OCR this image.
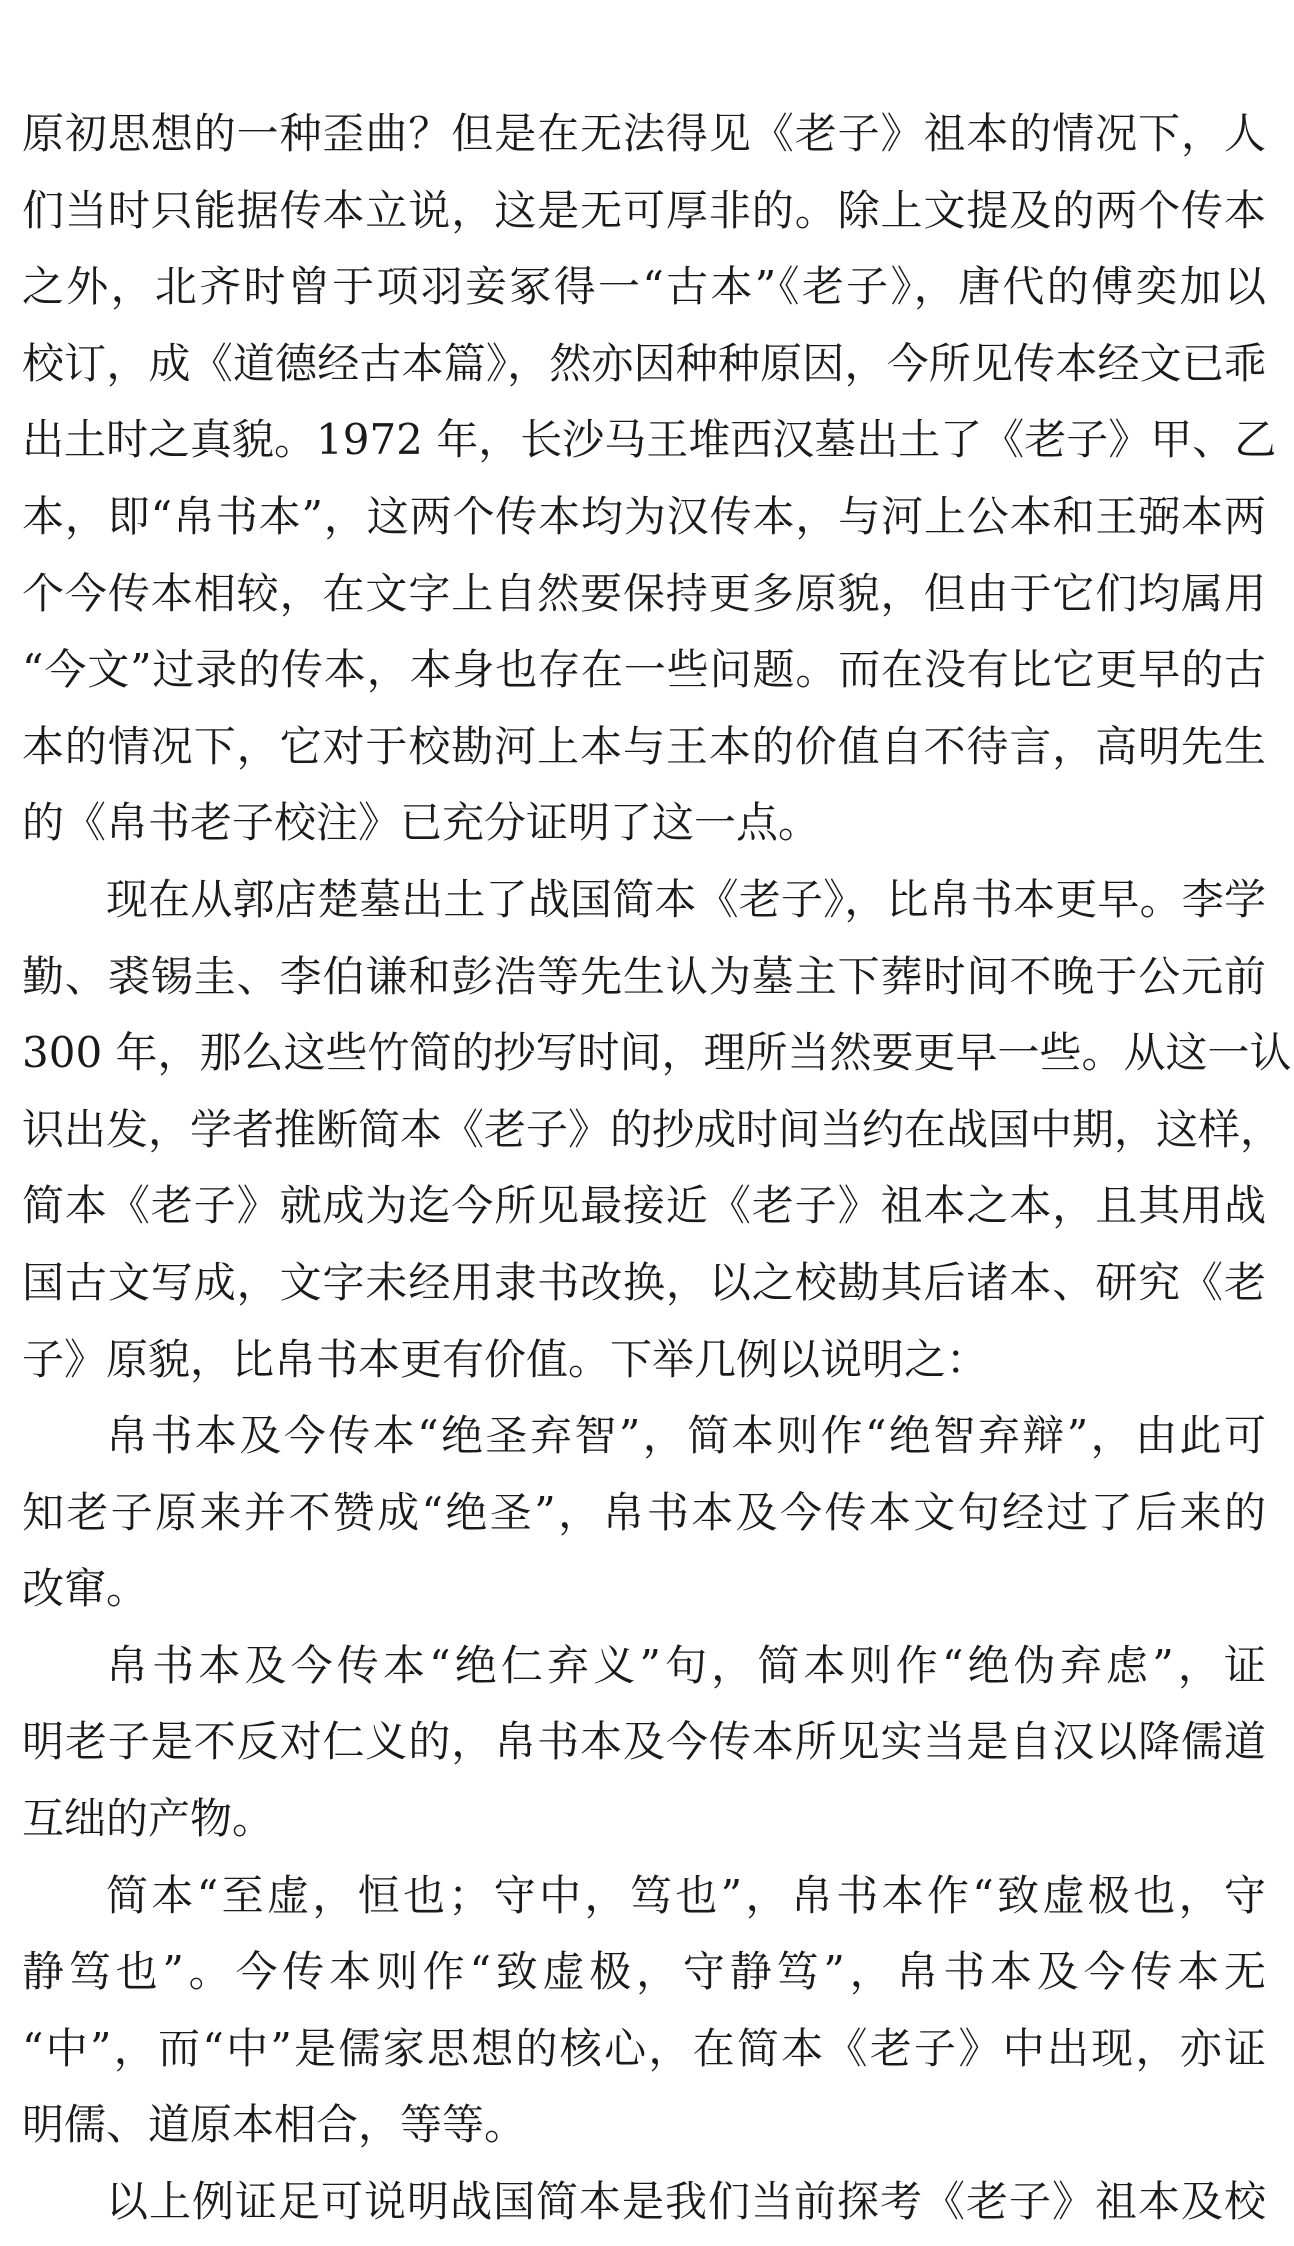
原初思想的一种歪曲？但是在无法得见《老子》祖本的情况下，人
们当时只能据传本立说，这是无可厚非的。除上文提及的两个传本
之外，北齐时曾于项羽妾冢得一“古本”《老子》，唐代的傅奕加以
校订，成《道德经古本篇》，然亦因种种原因，今所见传本经文已乖
出土时之真貌。1972 年，长沙马王堆西汉墓出土了《老子》甲、乙
本，即“帛书本”，这两个传本均为汉传本，与河上公本和王弼本两
个今传本相较，在文字上自然要保持更多原貌，但由于它们均属用
“今文”过录的传本，本身也存在一些问题。而在没有比它更早的古
本的情况下，它对于校勘河上本与王本的价值自不待言，高明先生
的《帛书老子校注》已充分证明了这一点。
现在从郭店楚墓出土了战国简本《老子》，比帛书本更早。李学
勤、裘锡圭、李伯谦和彭浩等先生认为墓主下葬时间不晚于公元前
300 年，那么这些竹简的抄写时间，理所当然要更早一些。从这一认
识出发，学者推断简本《老子》的抄成时间当约在战国中期，这样，
简本《老子》就成为迄今所见最接近《老子》祖本之本，且其用战
国古文写成，文字未经用隶书改换，以之校勘其后诸本、研究《老
子》原貌，比帛书本更有价值。下举几例以说明之：
帛书本及今传本“绝圣弃智”，简本则作“绝智弃辩”，由此可
知老子原来并不赞成“绝圣”，帛书本及今传本文句经过了后来的
改窜。
帛书本及今传本“绝仁弃义”句，简本则作“绝伪弃虑”，证
明老子是不反对仁义的，帛书本及今传本所见实当是自汉以降儒道
互绌的产物。
简本“至虚，恒也；守中，笃也”，帛书本作“致虚极也，守
静笃也”。今传本则作“致虚极，守静笃”，帛书本及今传本无
“中”，而“中”是儒家思想的核心，在简本《老子》中出现，亦证
明儒、道原本相合，等等。
以上例证足可说明战国简本是我们当前探考《老子》祖本及校
